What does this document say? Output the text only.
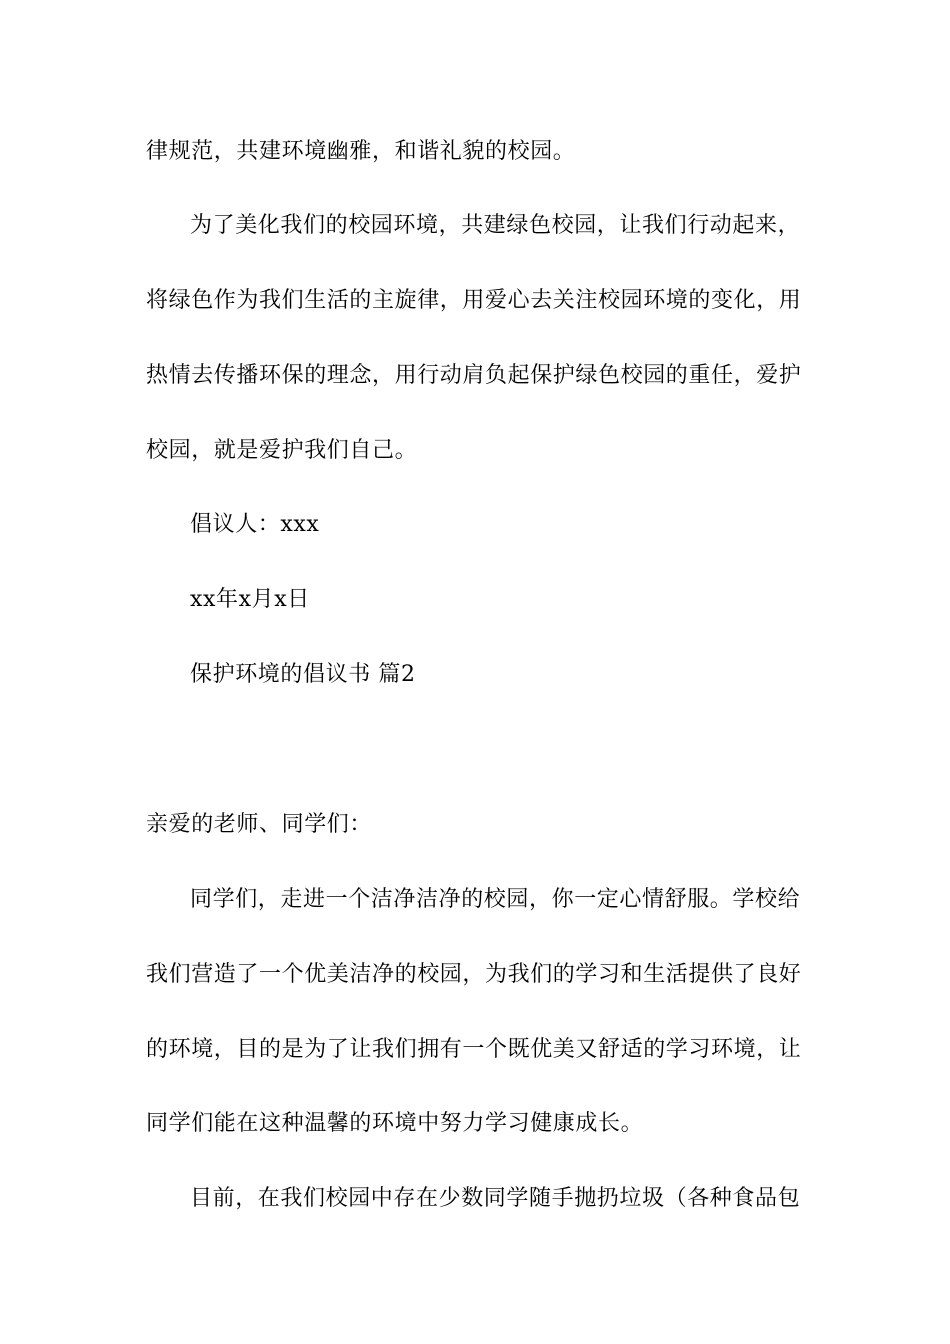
律规范，共建环境幽雅，和谐礼貌的校园。
为了美化我们的校园环境，共建绿色校园，让我们行动起来，
将绿色作为我们生活的主旋律，用爱心去关注校园环境的变化，用
热情去传播环保的理念，用行动肩负起保护绿色校园的重任，爱护
校园，就是爱护我们自己。
倡议人：xxx
xx年x月x日
保护环境的倡议书 篇2
亲爱的老师、同学们：
同学们，走进一个洁净洁净的校园，你一定心情舒服。学校给
我们营造了一个优美洁净的校园，为我们的学习和生活提供了良好
的环境，目的是为了让我们拥有一个既优美又舒适的学习环境，让
同学们能在这种温馨的环境中努力学习健康成长。
目前，在我们校园中存在少数同学随手抛扔垃圾（各种食品包
